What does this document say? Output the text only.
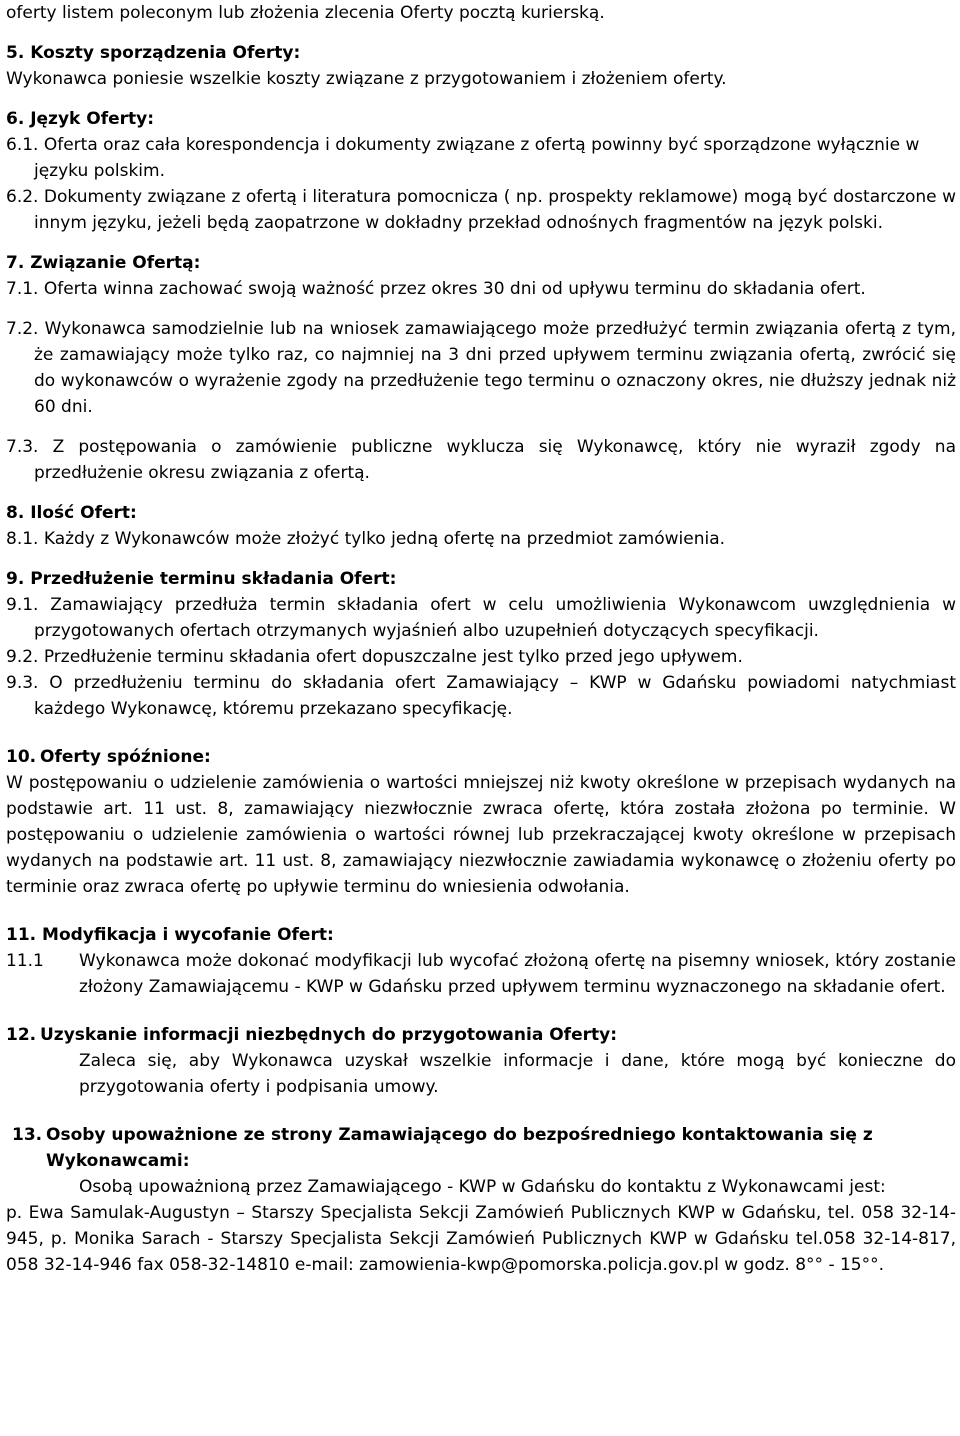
oferty listem poleconym lub złożenia zlecenia Oferty pocztą kurierską.

5. Koszty sporządzenia Oferty:

Wykonawca poniesie wszelkie koszty związane z przygotowaniem i złożeniem oferty.

6. Język Oferty:

6.1. Oferta oraz cała korespondencja i dokumenty związane z ofertą powinny być sporządzone wyłącznie w języku polskim.

6.2. Dokumenty związane z ofertą i literatura pomocnicza ( np. prospekty reklamowe) mogą być dostarczone w innym języku, jeżeli będą zaopatrzone w dokładny przekład odnośnych fragmentów na język polski.

7. Związanie Ofertą:

7.1. Oferta winna zachować swoją ważność przez okres 30 dni od upływu terminu do składania ofert.

7.2. Wykonawca samodzielnie lub na wniosek zamawiającego może przedłużyć termin związania ofertą z tym, że zamawiający może tylko raz, co najmniej na 3 dni przed upływem terminu związania ofertą, zwrócić się do wykonawców o wyrażenie zgody na przedłużenie tego terminu o oznaczony okres, nie dłuższy jednak niż 60 dni.

7.3. Z postępowania o zamówienie publiczne wyklucza się Wykonawcę, który nie wyraził zgody na przedłużenie okresu związania z ofertą.

8. Ilość Ofert:

8.1. Każdy z Wykonawców może złożyć tylko jedną ofertę na przedmiot zamówienia.

9. Przedłużenie terminu składania Ofert:

9.1. Zamawiający przedłuża termin składania ofert w celu umożliwienia Wykonawcom uwzględnienia w przygotowanych ofertach otrzymanych wyjaśnień albo uzupełnień dotyczących specyfikacji.

9.2. Przedłużenie terminu składania ofert dopuszczalne jest tylko przed jego upływem.

9.3. O przedłużeniu terminu do składania ofert Zamawiający – KWP w Gdańsku powiadomi natychmiast każdego Wykonawcę, któremu przekazano specyfikację.

10. Oferty spóźnione:

W postępowaniu o udzielenie zamówienia o wartości mniejszej niż kwoty określone w przepisach wydanych na podstawie art. 11 ust. 8, zamawiający niezwłocznie zwraca ofertę, która została złożona po terminie. W postępowaniu o udzielenie zamówienia o wartości równej lub przekraczającej kwoty określone w przepisach wydanych na podstawie art. 11 ust. 8, zamawiający niezwłocznie zawiadamia wykonawcę o złożeniu oferty po terminie oraz zwraca ofertę po upływie terminu do wniesienia odwołania.

11. Modyfikacja i wycofanie Ofert:

11.1 Wykonawca może dokonać modyfikacji lub wycofać złożoną ofertę na pisemny wniosek, który zostanie złożony Zamawiającemu - KWP w Gdańsku przed upływem terminu wyznaczonego na składanie ofert.

12. Uzyskanie informacji niezbędnych do przygotowania Oferty:

Zaleca się, aby Wykonawca uzyskał wszelkie informacje i dane, które mogą być konieczne do przygotowania oferty i podpisania umowy.

13. Osoby upoważnione ze strony Zamawiającego do bezpośredniego kontaktowania się z Wykonawcami:

Osobą upoważnioną przez Zamawiającego - KWP w Gdańsku do kontaktu z Wykonawcami jest:

p. Ewa Samulak-Augustyn – Starszy Specjalista Sekcji Zamówień Publicznych KWP w Gdańsku, tel. 058 32-14-945, p. Monika Sarach - Starszy Specjalista Sekcji Zamówień Publicznych KWP w Gdańsku tel.058 32-14-817, 058 32-14-946 fax 058-32-14810 e-mail: zamowienia-kwp@pomorska.policja.gov.pl w godz. 8°° - 15°°.
